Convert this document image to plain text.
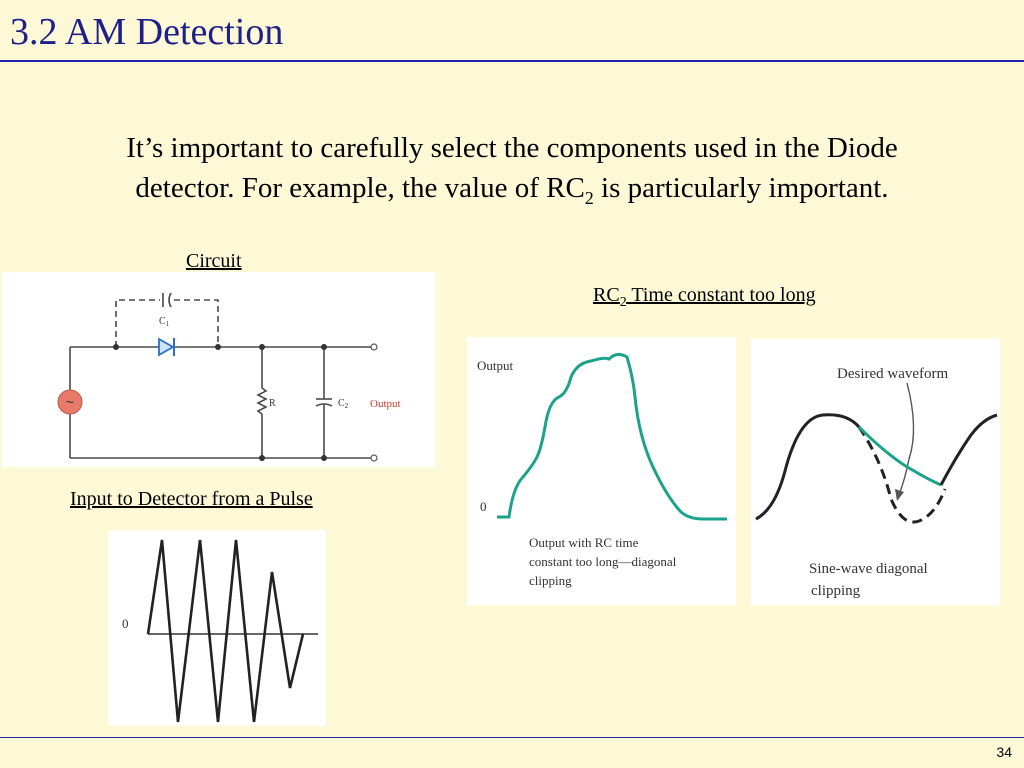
3.2 AM Detection
It’s important to carefully select the components used in the Diode
detector. For example, the value of $RC_2$ is particularly important.
Circuit
Input to Detector from a Pulse
$RC_2$ Time constant too long
~
$C_1$
R	$C_2$ Output
0
Output
0
Output with RC time
constant too long—diagonal
clipping
Desired waveform
Sine-wave diagonal
clipping
34
